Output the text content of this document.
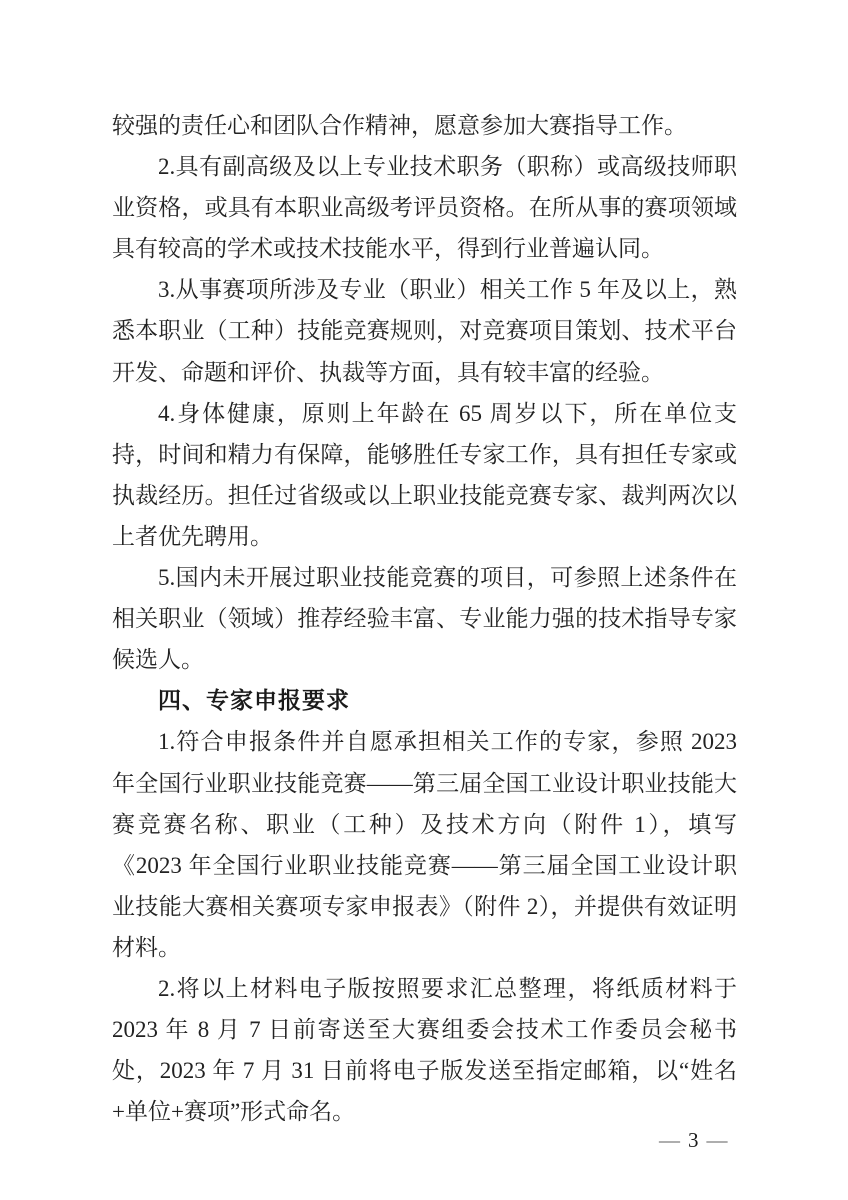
较强的责任心和团队合作精神，愿意参加大赛指导工作。

2.具有副高级及以上专业技术职务（职称）或高级技师职业资格，或具有本职业高级考评员资格。在所从事的赛项领域具有较高的学术或技术技能水平，得到行业普遍认同。

3.从事赛项所涉及专业（职业）相关工作 5 年及以上，熟悉本职业（工种）技能竞赛规则，对竞赛项目策划、技术平台开发、命题和评价、执裁等方面，具有较丰富的经验。

4.身体健康，原则上年龄在 65 周岁以下，所在单位支持，时间和精力有保障，能够胜任专家工作，具有担任专家或执裁经历。担任过省级或以上职业技能竞赛专家、裁判两次以上者优先聘用。

5.国内未开展过职业技能竞赛的项目，可参照上述条件在相关职业（领域）推荐经验丰富、专业能力强的技术指导专家候选人。

四、专家申报要求

1.符合申报条件并自愿承担相关工作的专家，参照 2023 年全国行业职业技能竞赛——第三届全国工业设计职业技能大赛竞赛名称、职业（工种）及技术方向（附件 1），填写《2023 年全国行业职业技能竞赛——第三届全国工业设计职业技能大赛相关赛项专家申报表》（附件 2），并提供有效证明材料。

2.将以上材料电子版按照要求汇总整理，将纸质材料于 2023 年 8 月 7 日前寄送至大赛组委会技术工作委员会秘书处，2023 年 7 月 31 日前将电子版发送至指定邮箱，以“姓名+单位+赛项”形式命名。

— 3 —
